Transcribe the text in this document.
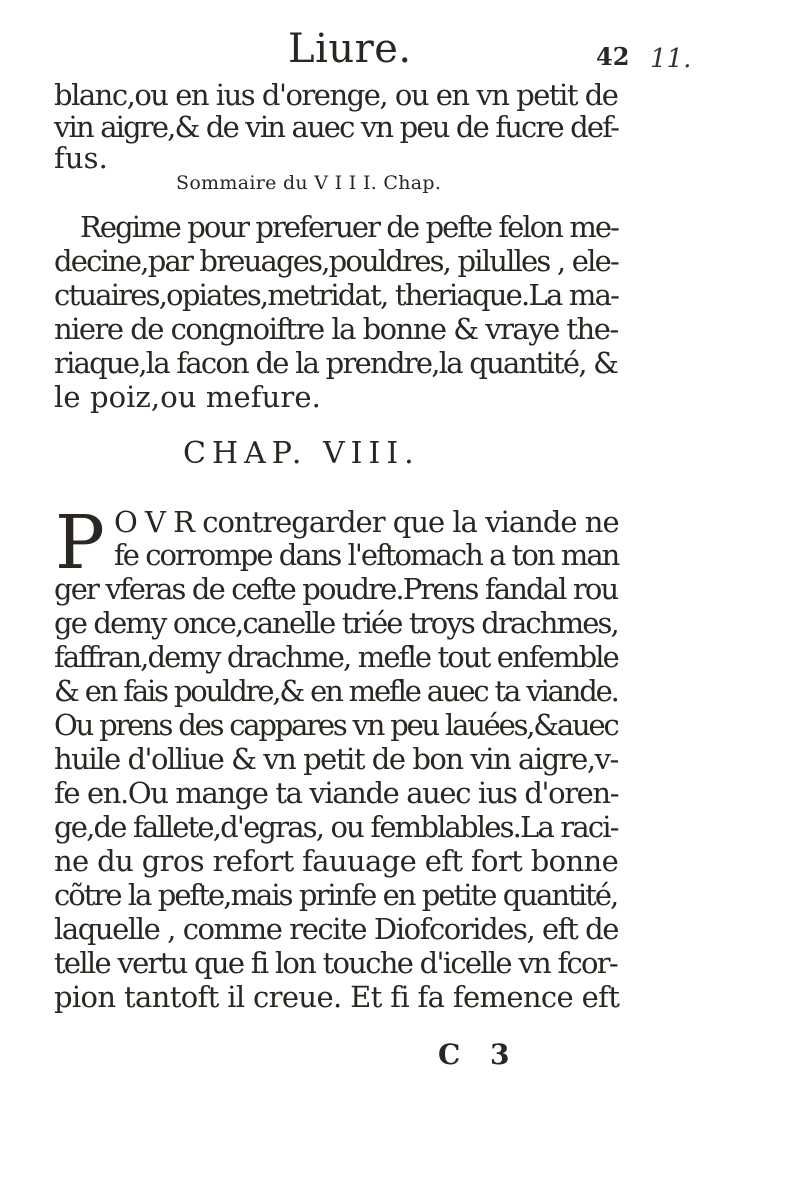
Liure.	42 11.
blanc,ou en ius d'orenge, ou en vn petit de
vin aigre,& de vin auec vn peu de fucre def-
fus.
Sommaire du V I I I. Chap.
Regime pour preferuer de pefte felon me-
decine,par breuages,pouldres, pilulles , ele-
ctuaires,opiates,metridat, theriaque.La ma-
niere de congnoiftre la bonne & vraye the-
riaque,la facon de la prendre,la quantité, &
le poiz,ou mefure.
CHAP. VIII.
P O V R contregarder que la viande ne
fe corrompe dans l'eftomach a ton man
ger vferas de cefte poudre.Prens fandal rou
ge demy once,canelle triée troys drachmes,
faffran,demy drachme, mefle tout enfemble
& en fais pouldre,& en mefle auec ta viande.
Ou prens des cappares vn peu lauées,&auec
huile d'olliue & vn petit de bon vin aigre,v-
fe en.Ou mange ta viande auec ius d'oren-
ge,de fallete,d'egras, ou femblables.La raci-
ne du gros refort fauuage eft fort bonne
cõtre la pefte,mais prinfe en petite quantité,
laquelle , comme recite Diofcorides, eft de
telle vertu que fi lon touche d'icelle vn fcor-
pion tantoft il creue. Et fi fa femence eft
C 3
